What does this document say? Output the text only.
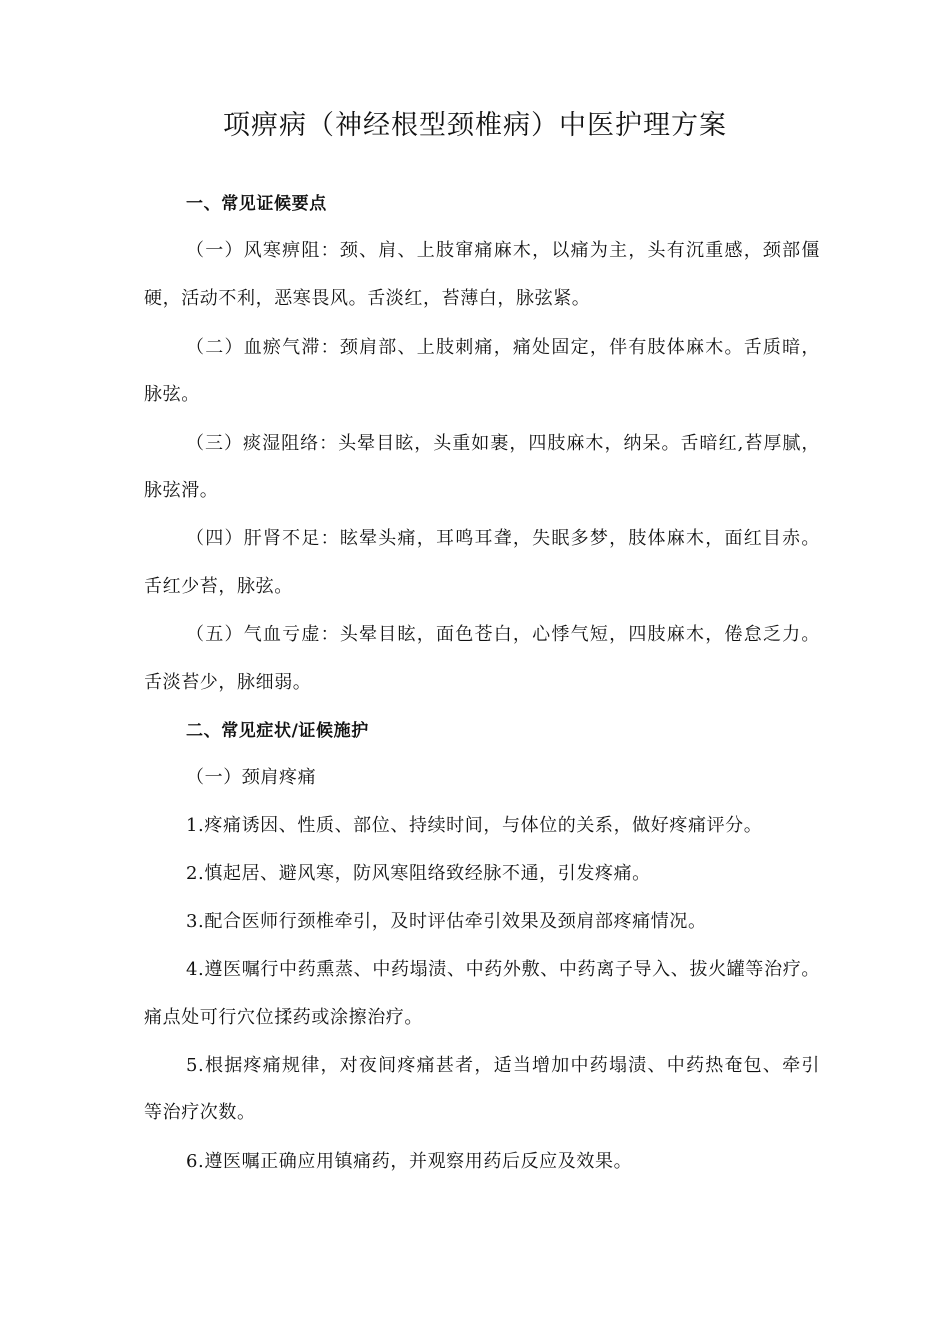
项痹病（神经根型颈椎病）中医护理方案
一、常见证候要点
（一）风寒痹阻：颈、肩、上肢窜痛麻木，以痛为主，头有沉重感，颈部僵
硬，活动不利，恶寒畏风。舌淡红，苔薄白，脉弦紧。
（二）血瘀气滞：颈肩部、上肢刺痛，痛处固定，伴有肢体麻木。舌质暗，
脉弦。
（三）痰湿阻络：头晕目眩，头重如裹，四肢麻木，纳呆。舌暗红,苔厚腻，
脉弦滑。
（四）肝肾不足：眩晕头痛，耳鸣耳聋，失眠多梦，肢体麻木，面红目赤。
舌红少苔，脉弦。
（五）气血亏虚：头晕目眩，面色苍白，心悸气短，四肢麻木，倦怠乏力。
舌淡苔少，脉细弱。
二、常见症状/证候施护
（一）颈肩疼痛
1.疼痛诱因、性质、部位、持续时间，与体位的关系，做好疼痛评分。
2.慎起居、避风寒，防风寒阻络致经脉不通，引发疼痛。
3.配合医师行颈椎牵引，及时评估牵引效果及颈肩部疼痛情况。
4.遵医嘱行中药熏蒸、中药塌渍、中药外敷、中药离子导入、拔火罐等治疗。
痛点处可行穴位揉药或涂擦治疗。
5.根据疼痛规律，对夜间疼痛甚者，适当增加中药塌渍、中药热奄包、牵引
等治疗次数。
6.遵医嘱正确应用镇痛药，并观察用药后反应及效果。
